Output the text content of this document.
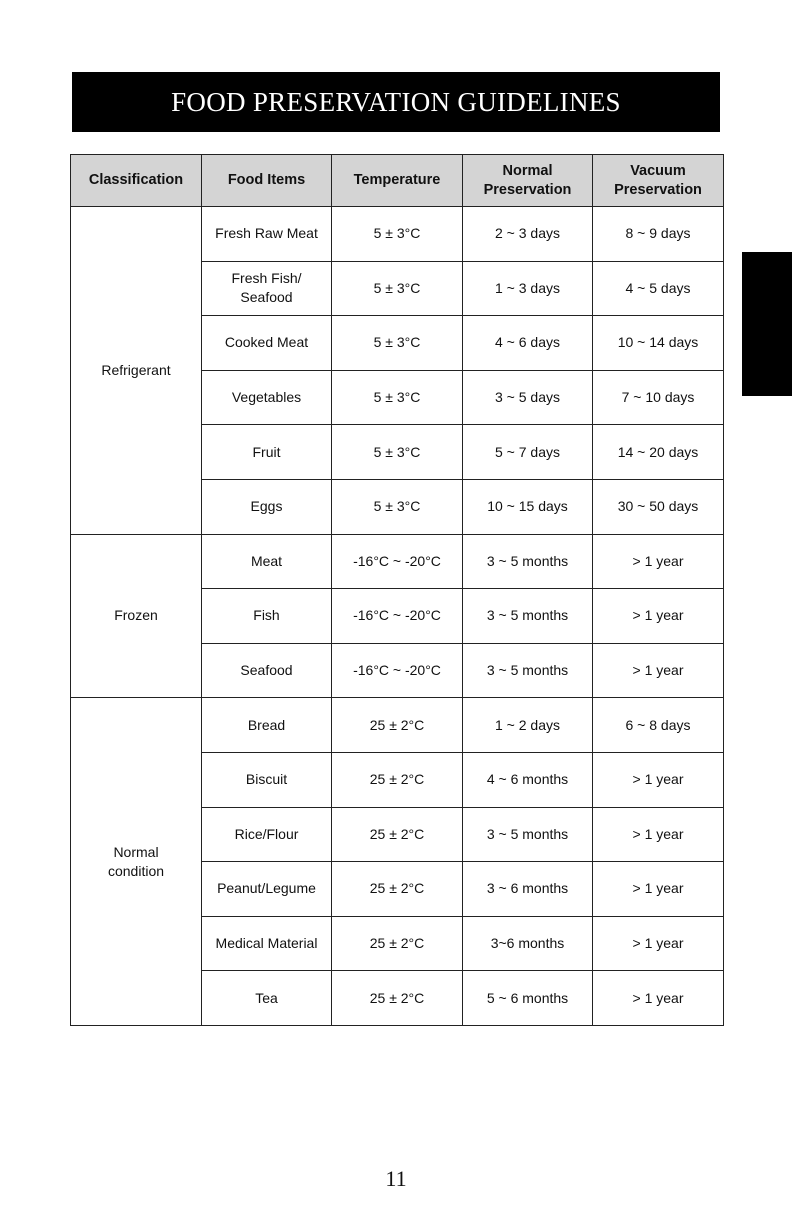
FOOD PRESERVATION GUIDELINES
Classification	Food Items	Temperature	Normal Preservation	Vacuum Preservation
Refrigerant	Fresh Raw Meat	5 ± 3°C	2 ~ 3 days	8 ~ 9 days
	Fresh Fish/ Seafood	5 ± 3°C	1 ~ 3 days	4 ~ 5 days
	Cooked Meat	5 ± 3°C	4 ~ 6 days	10 ~ 14 days
	Vegetables	5 ± 3°C	3 ~ 5 days	7 ~ 10 days
	Fruit	5 ± 3°C	5 ~ 7 days	14 ~ 20 days
	Eggs	5 ± 3°C	10 ~ 15 days	30 ~ 50 days
Frozen	Meat	-16°C ~ -20°C	3 ~ 5 months	> 1 year
	Fish	-16°C ~ -20°C	3 ~ 5 months	> 1 year
	Seafood	-16°C ~ -20°C	3 ~ 5 months	> 1 year
Normal condition	Bread	25 ± 2°C	1 ~ 2 days	6 ~ 8 days
	Biscuit	25 ± 2°C	4 ~ 6 months	> 1 year
	Rice/Flour	25 ± 2°C	3 ~ 5 months	> 1 year
	Peanut/Legume	25 ± 2°C	3 ~ 6 months	> 1 year
	Medical Material	25 ± 2°C	3~6 months	> 1 year
	Tea	25 ± 2°C	5 ~ 6 months	> 1 year
11
